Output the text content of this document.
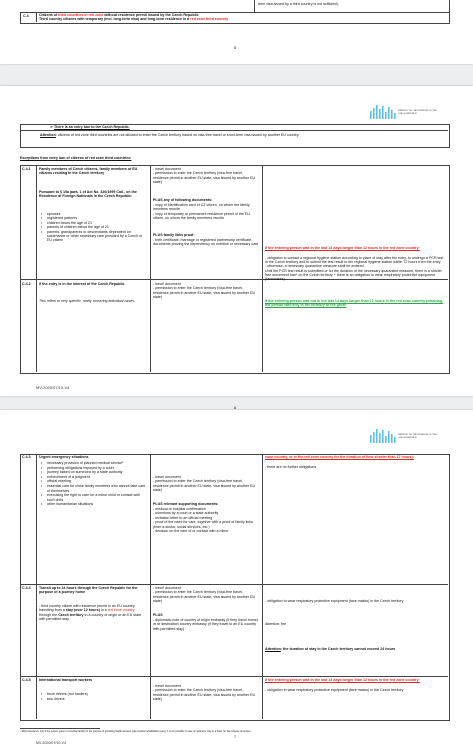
term visa issued by a third country is not sufficient)
C.4	Citizens of third countries in red zone without residence permit issued by the Czech Republic
Third country citizens with temporary (incl. long-term visa) and long-term residence in a red zone third country
5
MINISTRY OF THE INTERIOR OF THE CZECH REPUBLIC
➢ There is an entry ban to the Czech Republic.
Attention: citizens of red zone third countries are not allowed to enter the Czech territory based on visa-free travel or short-term visa issued by another EU country
Exceptions from entry ban of citizens of red zone third countries:
C.4.1 Family members of Czech citizens, family members of EU citizens residing in the Czech territory
Pursuant to § 15a para. 1 of Act No. 326/1999 Coll., on the Residence of Foreign Nationals in the Czech Republic:
• spouses
• registered partners
• children below the age of 21
• parents of children below the age of 21
• parents, grandparents or descendants dependent on sustenance or other necessary care provided by a Czech or EU citizen
- travel document
- permission to enter the Czech territory (visa-free travel, residence permit in another EU state, visa issued by another EU state)
PLUS any of following documents:
- copy of identification card of CZ citizen, on whom the family members reunite
- copy of temporary or permanent residence permit of the EU citizen, on whom the family members reunite
PLUS family links proof:
- birth certificate, marriage or registered partnership certificate, documents proving the dependency on nutrition or necessary care
If the entering person was in the last 14 days longer than 12 hours in the red zone country:
- obligation to contact a regional hygiene station according to place of stay after the entry, to undergo a PCR test in the Czech territory and to submit the test result to the regional hygiene station within 72 hours from the entry
- otherwise, a necessary quarantine measure shall be ordered
Until the PCR test result is submitted or for the duration of the necessary quarantine measure, there is a stricter free movement ban* on the Czech territory + there is an obligation to wear respiratory protective equipment (facemasks).
C.4.2 If the entry is in the interest of the Czech Republic
This refers to very specific, rarely occurring individual cases.
- travel document
- permission to enter the Czech territory (visa-free travel, residence permit in another EU state, visa issued by another EU state)
If the entering person was not in the last 14 days longer than 12 hours in the red zone country (meaning, the person was only in the territory of the green
MV-2020/07/10-V4
6
MINISTRY OF THE INTERIOR OF THE CZECH REPUBLIC
zone country, or in the red zone country for the duration of time shorter than 12 hours):
- there are no further obligations
C.4.3 Urgent emergency situations
• necessary provision of planned medical service¹
• performing obligations imposed by a court
• journey based on summons by a state authority
• enforcement of a judgment
• official meeting
• essential care for close family members who cannot take care of themselves
• exercising the right to care for a minor child or contact with such child
• other humanitarian situations
- travel document
- permission to enter the Czech territory (visa-free travel, residence permit in another EU state, visa issued by another EU state)
PLUS relevant supporting documents:
- medical or hospital confirmation
- summons by a court or a state authority
- invitation letter to an official meeting
- proof of the need for care, together with a proof of family links (from a doctor, social services, etc.)
- decision on the care of or contact with a minor
C.4.4 Transit up to 24 hours through the Czech Republic for the purpose of a journey home
- third country citizen with residence permit in an EU country transiting from a stay (over 12 hours) in a red zone country through the Czech territory to a country of origin or an EU state with permitted stay
- travel document
- permission to enter the Czech territory (visa-free travel, residence permit in another EU state, visa issued by another EU state)
PLUS
- diplomatic note of country of origin embassy (if they travel home) or of destination country embassy (if they travel to an EU country with permitted stay)
- obligation to wear respiratory protective equipment (face masks) in the Czech territory
Attention: the
Attention: the duration of stay in the Czech territory cannot exceed 24 hours
C.4.5 International transport workers
• truck drivers (not haulers)
• bus drivers
- travel document
- permission to enter the Czech territory (visa-free travel, residence permit in another EU state, visa issued by another EU state)
If the entering person was in the last 14 days longer than 12 hours in the red zone country:
- obligation to wear respiratory protective equipment (face masks) in the Czech territory
¹ SPA procedures: only if the person goes to a medical facility for the purpose of providing health services (spa medical rehabilitation care); it is not possible in case of "wellness" stay in a hotel, for the purpose of tourism.
7
MV-2020/07/10-V4
